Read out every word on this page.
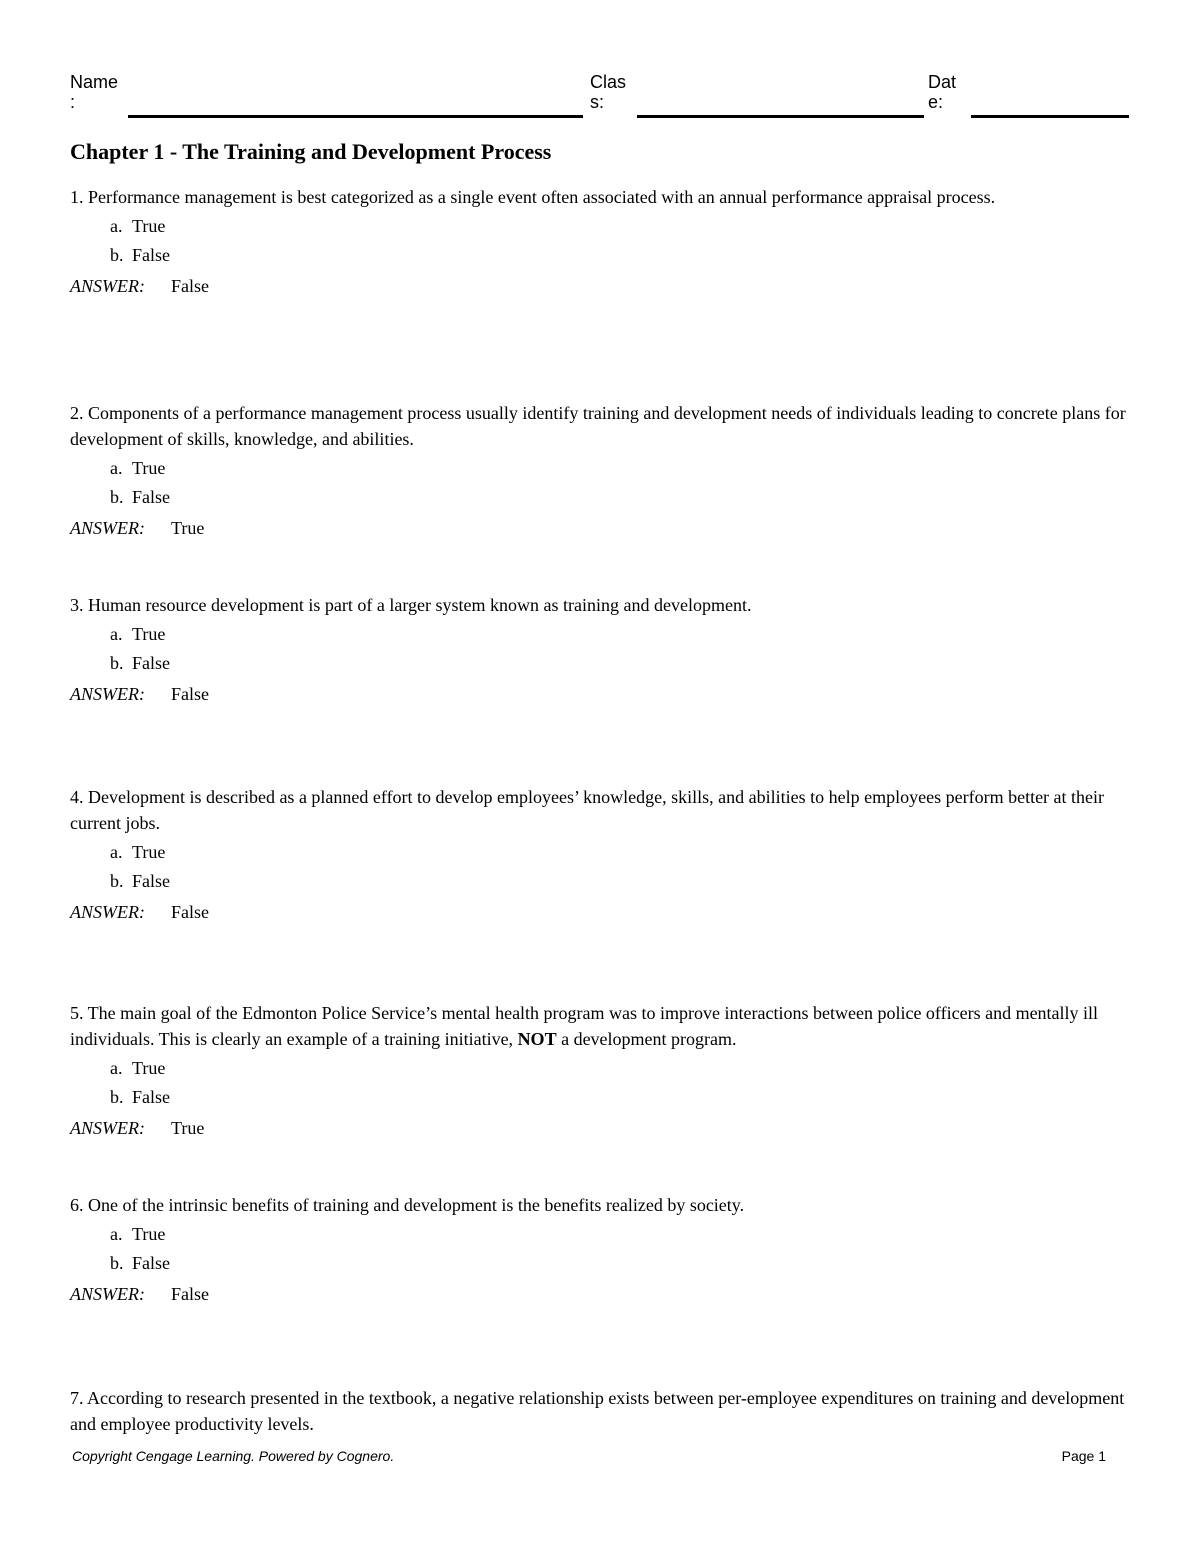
Name :
Clas s:
Dat e:
Chapter 1 - The Training and Development Process

1. Performance management is best categorized as a single event often associated with an annual performance appraisal process.

a. True
b. False
ANSWER:	False

2. Components of a performance management process usually identify training and development needs of individuals leading to concrete plans for development of skills, knowledge, and abilities.

a. True
b. False
ANSWER:	True

3. Human resource development is part of a larger system known as training and development.

a. True
b. False
ANSWER:	False

4. Development is described as a planned effort to develop employees’ knowledge, skills, and abilities to help employees perform better at their current jobs.

a. True
b. False
ANSWER:	False

5. The main goal of the Edmonton Police Service’s mental health program was to improve interactions between police officers and mentally ill individuals. This is clearly an example of a training initiative, NOT a development program.

a. True
b. False
ANSWER:	True

6. One of the intrinsic benefits of training and development is the benefits realized by society.

a. True
b. False
ANSWER:	False

7. According to research presented in the textbook, a negative relationship exists between per-employee expenditures on training and development and employee productivity levels.

Copyright Cengage Learning. Powered by Cognero.	Page 1
